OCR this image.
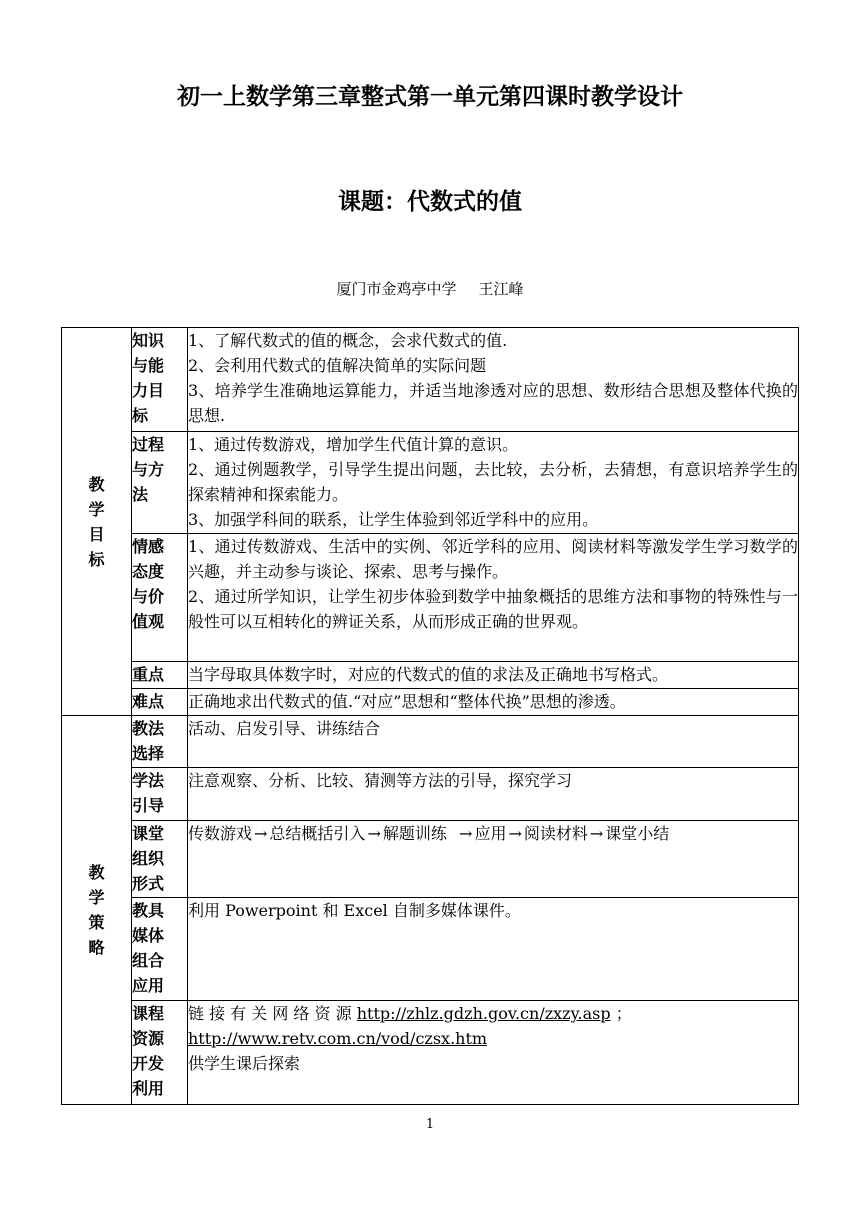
初一上数学第三章整式第一单元第四课时教学设计
课题：代数式的值
厦门市金鸡亭中学 王江峰
教学目标	知识与能力目标	1、了解代数式的值的概念，会求代数式的值.

2、会利用代数式的值解决简单的实际问题

3、培养学生准确地运算能力，并适当地渗透对应的思想、数形结合思想及整体代换的思想.

	过程与方法	1、通过传数游戏，增加学生代值计算的意识。

2、通过例题教学，引导学生提出问题，去比较，去分析，去猜想，有意识培养学生的探索精神和探索能力。

3、加强学科间的联系，让学生体验到邻近学科中的应用。

	情感态度与价值观	1、通过传数游戏、生活中的实例、邻近学科的应用、阅读材料等激发学生学习数学的兴趣，并主动参与谈论、探索、思考与操作。

2、通过所学知识，让学生初步体验到数学中抽象概括的思维方法和事物的特殊性与一般性可以互相转化的辨证关系，从而形成正确的世界观。

	重点	当字母取具体数字时，对应的代数式的值的求法及正确地书写格式。

	难点	正确地求出代数式的值.“对应”思想和“整体代换”思想的渗透。

教学策略	教法选择	活动、启发引导、讲练结合

	学法引导	注意观察、分析、比较、猜测等方法的引导，探究学习

	课堂组织形式	传数游戏 → 总结概括引入 → 解题训练 → 应用 → 阅读材料 → 课堂小结

	教具媒体组合应用	利用 Powerpoint 和 Excel 自制多媒体课件。

	课程资源开发利用	链 接 有 关 网 络 资 源 http://zhlz.gdzh.gov.cn/zxzy.asp ；
http://www.retv.com.cn/vod/czsx.htm

供学生课后探索

1
